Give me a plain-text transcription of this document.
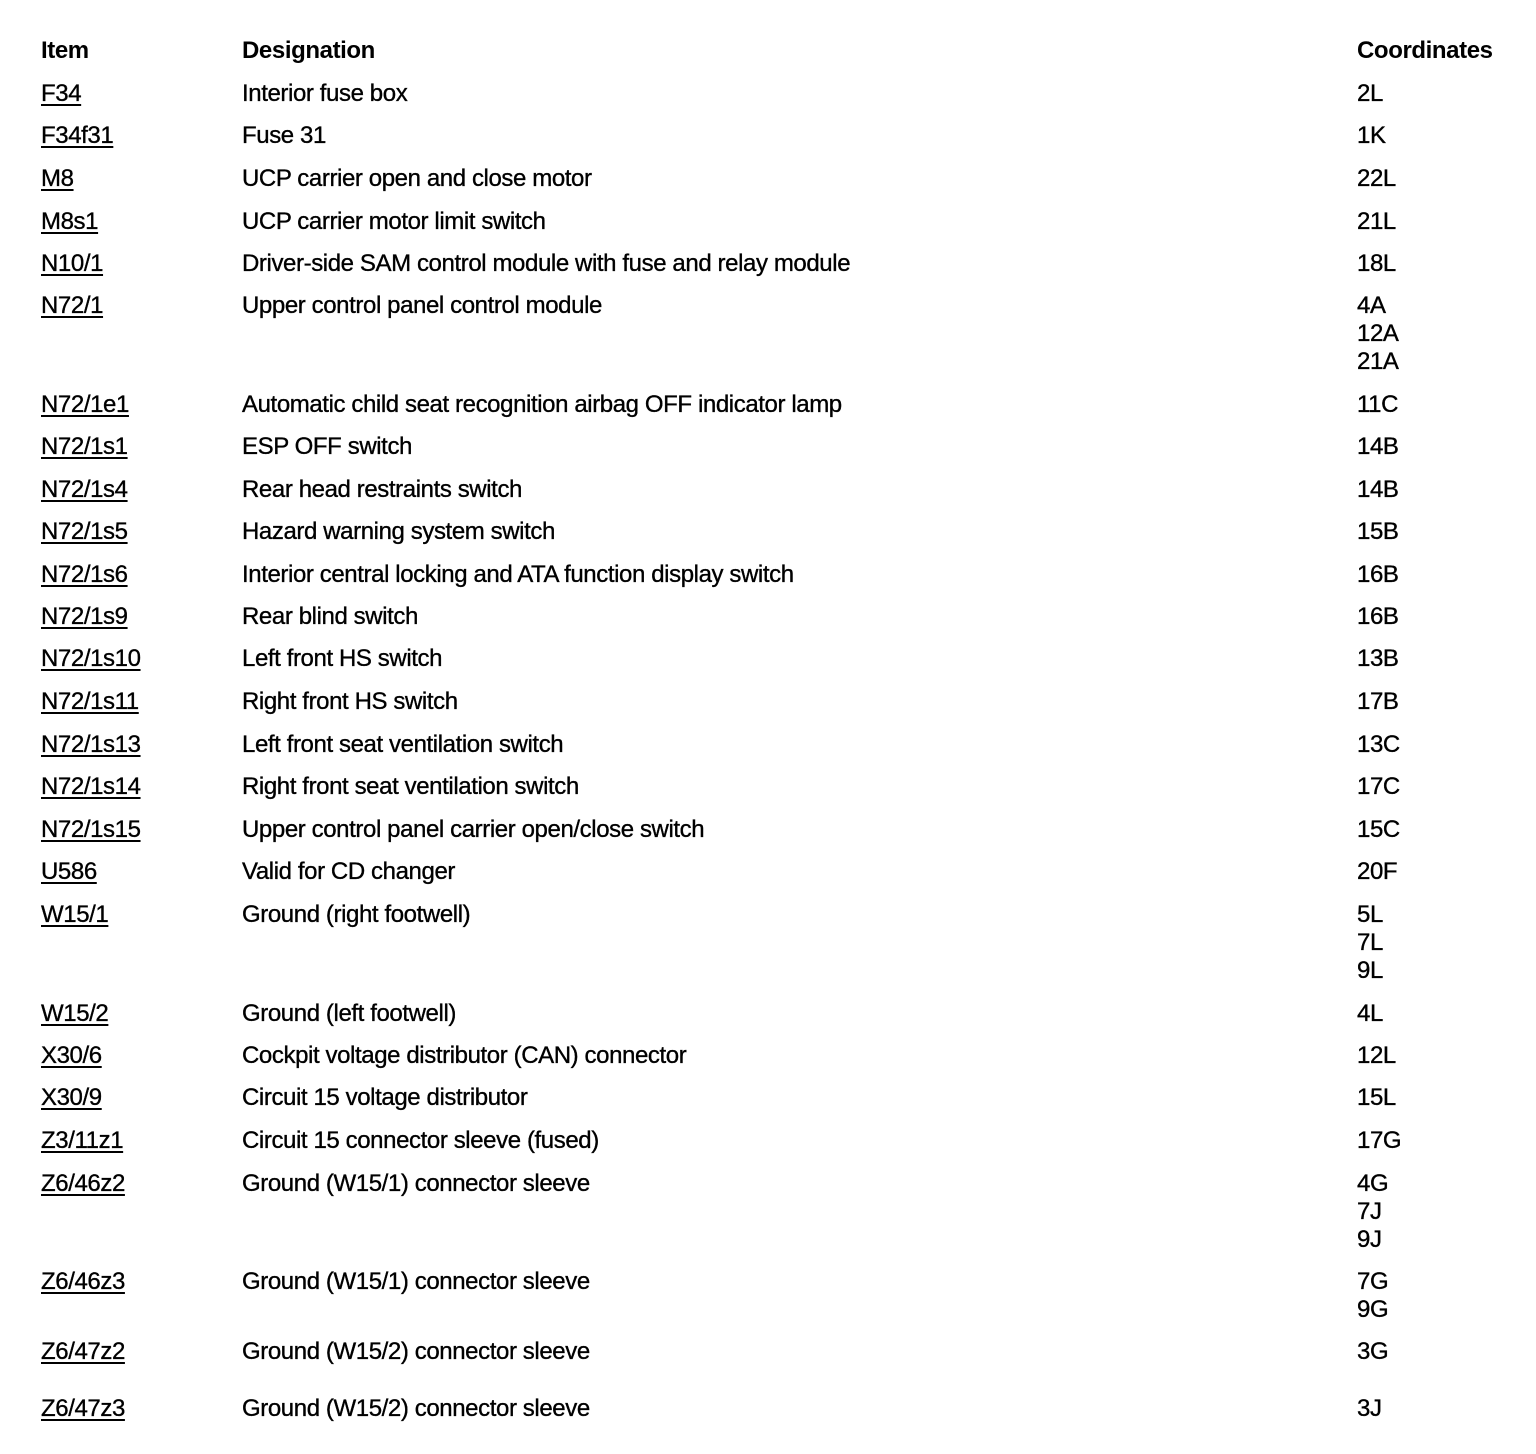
Item	Designation	Coordinates
F34	Interior fuse box	2L
F34f31	Fuse 31	1K
M8	UCP carrier open and close motor	22L
M8s1	UCP carrier motor limit switch	21L
N10/1	Driver-side SAM control module with fuse and relay module	18L
N72/1	Upper control panel control module	4A
12A
21A
N72/1e1	Automatic child seat recognition airbag OFF indicator lamp	11C
N72/1s1	ESP OFF switch	14B
N72/1s4	Rear head restraints switch	14B
N72/1s5	Hazard warning system switch	15B
N72/1s6	Interior central locking and ATA function display switch	16B
N72/1s9	Rear blind switch	16B
N72/1s10	Left front HS switch	13B
N72/1s11	Right front HS switch	17B
N72/1s13	Left front seat ventilation switch	13C
N72/1s14	Right front seat ventilation switch	17C
N72/1s15	Upper control panel carrier open/close switch	15C
U586	Valid for CD changer	20F
W15/1	Ground (right footwell)	5L
7L
9L
W15/2	Ground (left footwell)	4L
X30/6	Cockpit voltage distributor (CAN) connector	12L
X30/9	Circuit 15 voltage distributor	15L
Z3/11z1	Circuit 15 connector sleeve (fused)	17G
Z6/46z2	Ground (W15/1) connector sleeve	4G
7J
9J
Z6/46z3	Ground (W15/1) connector sleeve	7G
9G
Z6/47z2	Ground (W15/2) connector sleeve	3G
Z6/47z3	Ground (W15/2) connector sleeve	3J
